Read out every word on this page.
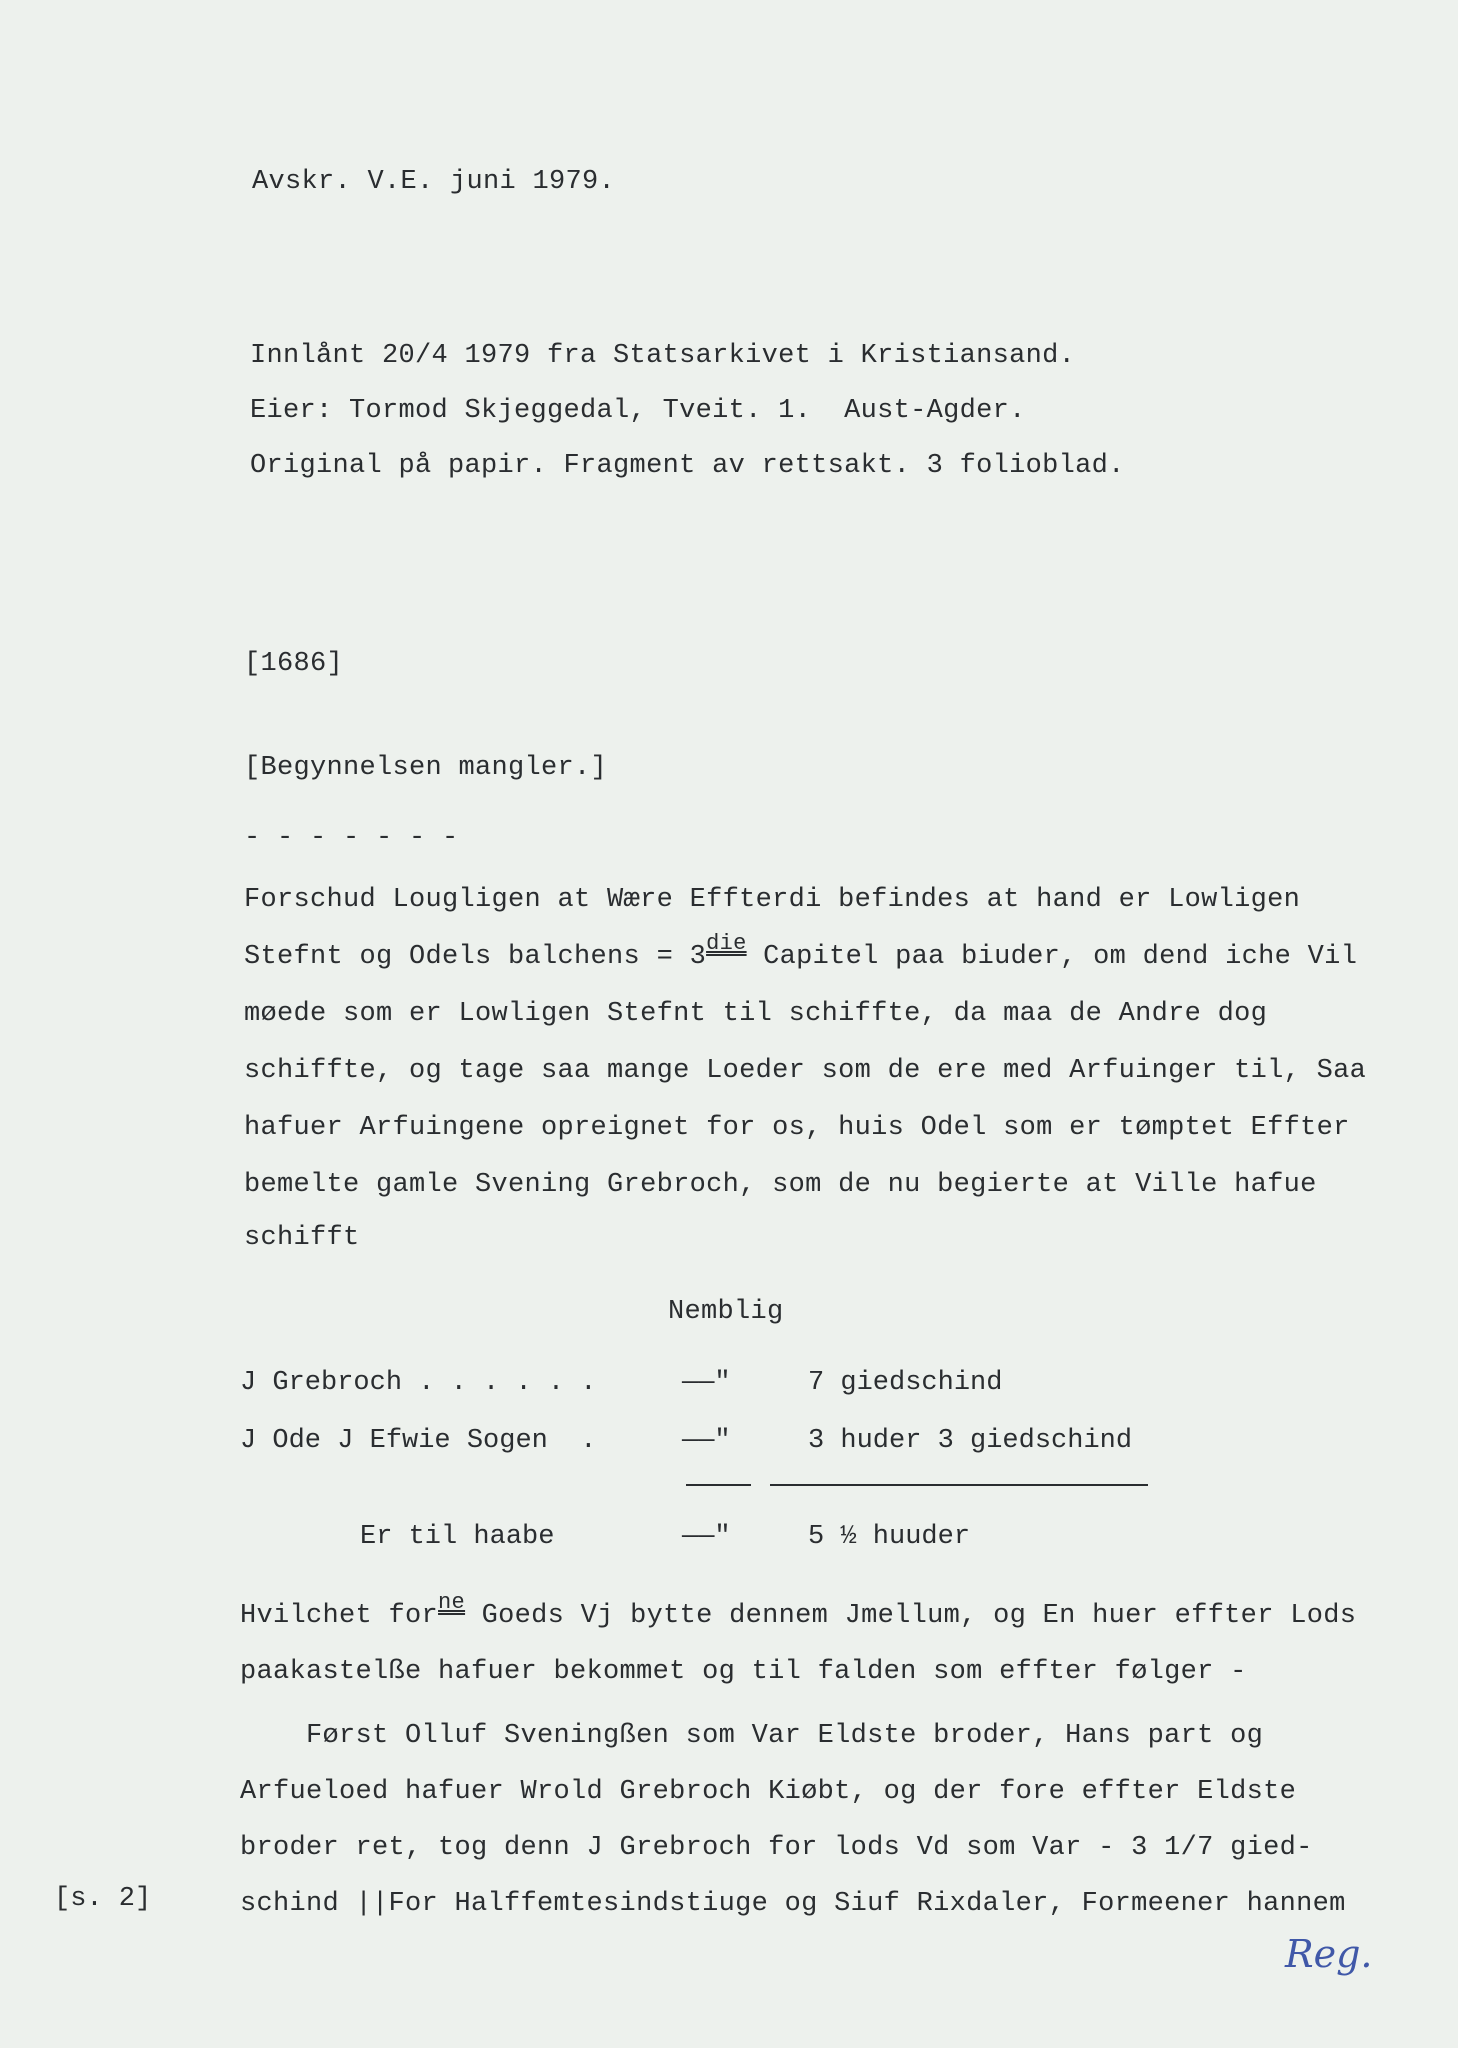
Avskr. V.E. juni 1979.
Innlånt 20/4 1979 fra Statsarkivet i Kristiansand.
Eier: Tormod Skjeggedal, Tveit. 1.  Aust-Agder.
Original på papir. Fragment av rettsakt. 3 folioblad.
[1686]
[Begynnelsen mangler.]
- - - - - - -
Forschud Lougligen at Wære Effterdi befindes at hand er Lowligen
Stefnt og Odels balchens = $3^{die}$ Capitel paa biuder, om dend iche Vil
møede som er Lowligen Stefnt til schiffte, da maa de Andre dog
schiffte, og tage saa mange Loeder som de ere med Arfuinger til, Saa
hafuer Arfuingene opreignet for os, huis Odel som er tømptet Effter
bemelte gamle Svening Grebroch, som de nu begierte at Ville hafue
schifft
Nemblig
J Grebroch . . . . . .	——"	7 giedschind
J Ode J Efwie Sogen  .	——"	3 huder 3 giedschind
Er til haabe	——"	5 ½ huuder
Hvilchet for$^{ne}$ Goeds Vj bytte dennem Jmellum, og En huer effter Lods
paakastelße hafuer bekommet og til falden som effter følger -
Først Olluf Sveningßen som Var Eldste broder, Hans part og
Arfueloed hafuer Wrold Grebroch Kiøbt, og der fore effter Eldste
broder ret, tog denn J Grebroch for lods Vd som Var - 3 1/7 gied-
schind ||For Halffemtesindstiuge og Siuf Rixdaler, Formeener hannem
[s. 2]
Reg.
